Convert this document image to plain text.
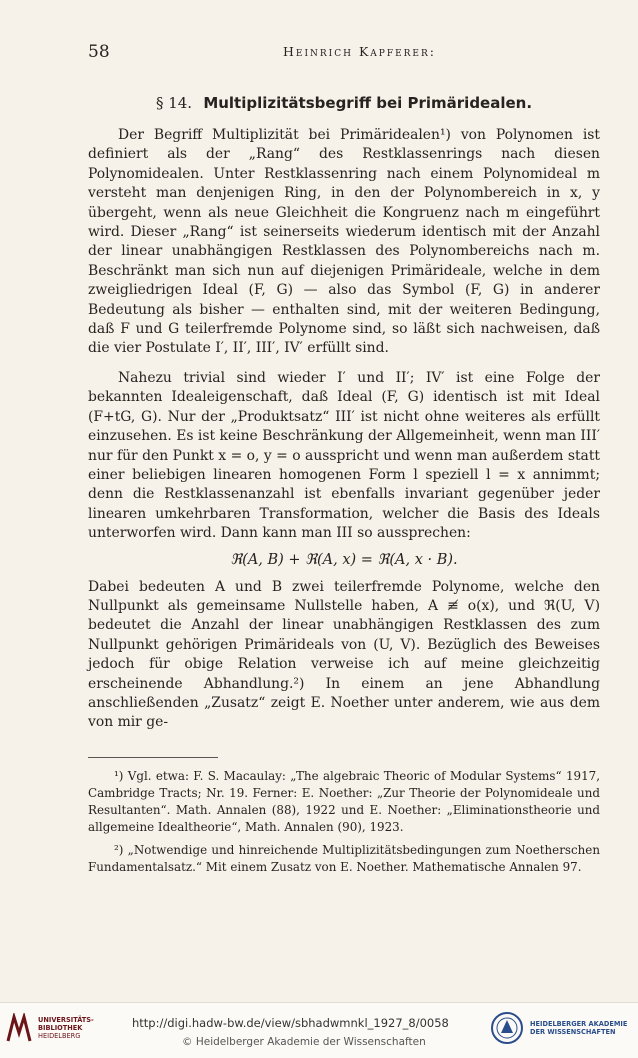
58	Heinrich Kapferer:
§ 14. Multiplizitätsbegriff bei Primäridealen.

Der Begriff Multiplizität bei Primäridealen¹) von Polynomen ist definiert als der „Rang“ des Restklassenrings nach diesen Polynomidealen. Unter Restklassenring nach einem Polynomideal m versteht man denjenigen Ring, in den der Polynombereich in x, y übergeht, wenn als neue Gleichheit die Kongruenz nach m eingeführt wird. Dieser „Rang“ ist seinerseits wiederum identisch mit der Anzahl der linear unabhängigen Restklassen des Polynombereichs nach m. Beschränkt man sich nun auf diejenigen Primärideale, welche in dem zweigliedrigen Ideal (F, G) — also das Symbol (F, G) in anderer Bedeutung als bisher — enthalten sind, mit der weiteren Bedingung, daß F und G teilerfremde Polynome sind, so läßt sich nachweisen, daß die vier Postulate I′, II′, III′, IV′ erfüllt sind.

Nahezu trivial sind wieder I′ und II′; IV′ ist eine Folge der bekannten Idealeigenschaft, daß Ideal (F, G) identisch ist mit Ideal (F+tG, G). Nur der „Produktsatz“ III′ ist nicht ohne weiteres als erfüllt einzusehen. Es ist keine Beschränkung der Allgemeinheit, wenn man III′ nur für den Punkt x = o, y = o ausspricht und wenn man außerdem statt einer beliebigen linearen homogenen Form l speziell l = x annimmt; denn die Restklassenanzahl ist ebenfalls invariant gegenüber jeder linearen umkehrbaren Transformation, welcher die Basis des Ideals unterworfen wird. Dann kann man III so aussprechen:

ℜ(A, B) + ℜ(A, x) = ℜ(A, x · B).

Dabei bedeuten A und B zwei teilerfremde Polynome, welche den Nullpunkt als gemeinsame Nullstelle haben, A ≢ o(x), und ℜ(U, V) bedeutet die Anzahl der linear unabhängigen Restklassen des zum Nullpunkt gehörigen Primärideals von (U, V). Bezüglich des Beweises jedoch für obige Relation verweise ich auf meine gleichzeitig erscheinende Abhandlung.²) In einem an jene Abhandlung anschließenden „Zusatz“ zeigt E. Noether unter anderem, wie aus dem von mir ge-

¹) Vgl. etwa: F. S. Macaulay: „The algebraic Theoric of Modular Systems“ 1917, Cambridge Tracts; Nr. 19. Ferner: E. Noether: „Zur Theorie der Polynomideale und Resultanten“. Math. Annalen (88), 1922 und E. Noether: „Eliminationstheorie und allgemeine Idealtheorie“, Math. Annalen (90), 1923.

²) „Notwendige und hinreichende Multiplizitätsbedingungen zum Noetherschen Fundamentalsatz.“ Mit einem Zusatz von E. Noether. Mathematische Annalen 97.

UNIVERSITÄTS-
BIBLIOTHEK
HEIDELBERG
http://digi.hadw-bw.de/view/sbhadwmnkl_1927_8/0058
© Heidelberger Akademie der Wissenschaften
HEIDELBERGER AKADEMIE
DER WISSENSCHAFTEN
